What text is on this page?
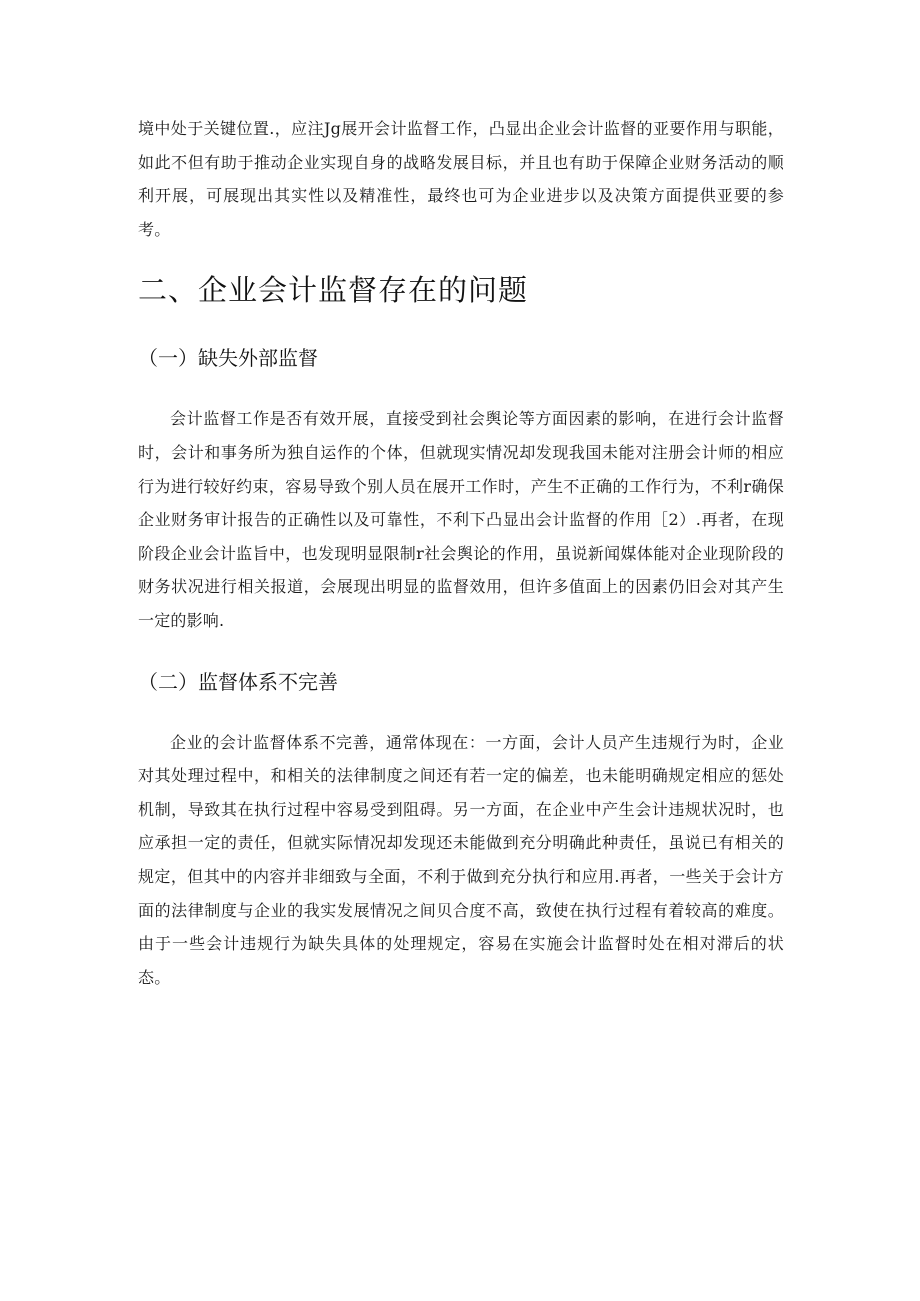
境中处于关键位置.，应注Jg展开会计监督工作，凸显出企业会计监督的亚要作用与职能，如此不但有助于推动企业实现自身的战略发展目标，并且也有助于保障企业财务活动的顺利开展，可展现出其实性以及精准性，最终也可为企业进步以及决策方面提供亚要的参考。

二、企业会计监督存在的问题
（一）缺失外部监督

会计监督工作是否有效开展，直接受到社会舆论等方面因素的影响，在进行会计监督时，会计和事务所为独自运作的个体，但就现实情况却发现我国未能对注册会计师的相应行为进行较好约束，容易导致个别人员在展开工作时，产生不正确的工作行为，不利r确保企业财务审计报告的正确性以及可靠性，不利下凸显出会计监督的作用［2）.再者，在现阶段企业会计监旨中，也发现明显限制r社会舆论的作用，虽说新闻媒体能对企业现阶段的财务状况进行相关报道，会展现出明显的监督效用，但许多值面上的因素仍旧会对其产生一定的影响.

（二）监督体系不完善

企业的会计监督体系不完善，通常体现在：一方面，会计人员产生违规行为时，企业对其处理过程中，和相关的法律制度之间还有若一定的偏差，也未能明确规定相应的惩处机制，导致其在执行过程中容易受到阻碍。另一方面，在企业中产生会计违规状况时，也应承担一定的责任，但就实际情况却发现还未能做到充分明确此种责任，虽说已有相关的规定，但其中的内容并非细致与全面，不利于做到充分执行和应用.再者，一些关于会计方面的法律制度与企业的我实发展情况之间贝合度不高，致使在执行过程有着较高的难度。由于一些会计违规行为缺失具体的处理规定，容易在实施会计监督时处在相对滞后的状态。
